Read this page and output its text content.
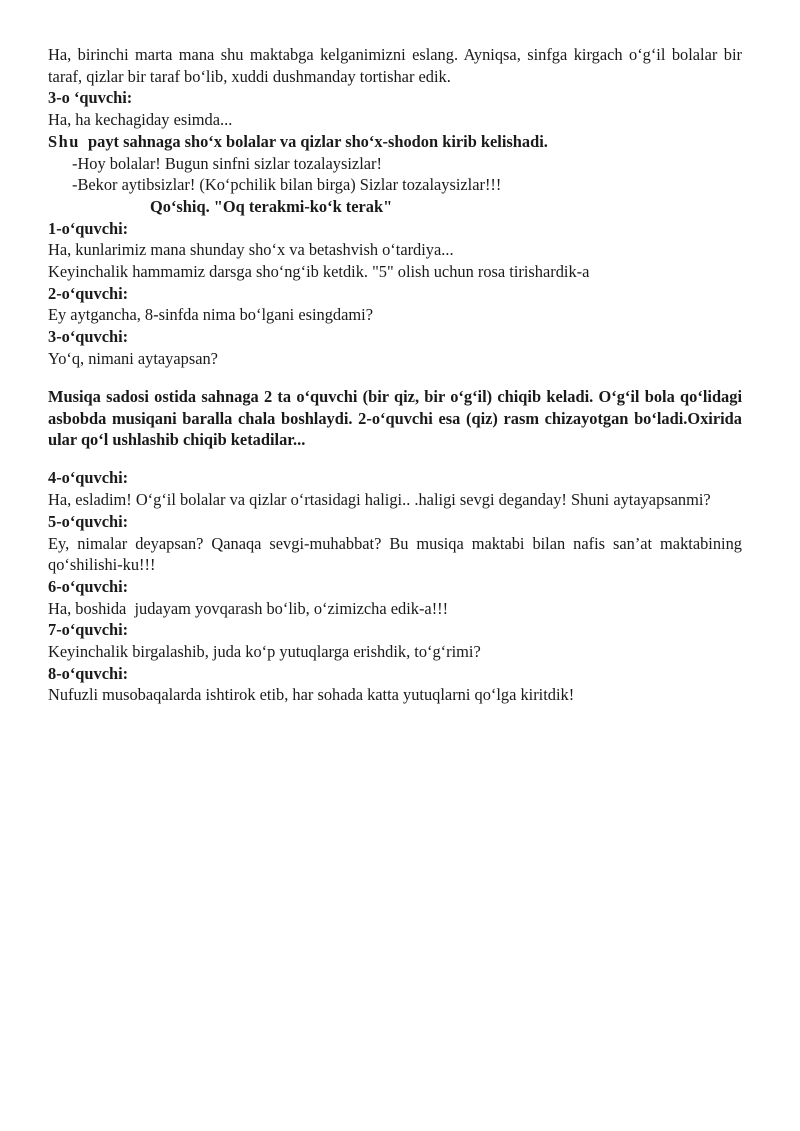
Ha, birinchi marta mana shu maktabga kelganimizni eslang. Ayniqsa, sinfga kirgach o‘g‘il bolalar bir taraf, qizlar bir taraf bo‘lib, xuddi dushmanday tortishar edik.

3-o ‘quvchi:

Ha, ha kechagiday esimda...

Shu  payt sahnaga sho‘x bolalar va qizlar sho‘x-shodon kirib kelishadi.

-Hoy bolalar! Bugun sinfni sizlar tozalaysizlar!

-Bekor aytibsizlar! (Ko‘pchilik bilan birga) Sizlar tozalaysizlar!!!

Qo‘shiq. "Oq terakmi-ko‘k terak"

1-o‘quvchi:

Ha, kunlarimiz mana shunday sho‘x va betashvish o‘tardiya...

Keyinchalik hammamiz darsga sho‘ng‘ib ketdik. "5" olish uchun rosa tirishardik-a

2-o‘quvchi:

Ey aytgancha, 8-sinfda nima bo‘lgani esingdami?

3-o‘quvchi:

Yo‘q, nimani aytayapsan?

Musiqa sadosi ostida sahnaga 2 ta o‘quvchi (bir qiz, bir o‘g‘il) chiqib keladi. O‘g‘il bola qo‘lidagi asbobda musiqani baralla chala boshlaydi. 2-o‘quvchi esa (qiz) rasm chizayotgan bo‘ladi.Oxirida ular qo‘l ushlashib chiqib ketadilar...

4-o‘quvchi:

Ha, esladim! O‘g‘il bolalar va qizlar o‘rtasidagi haligi.. .haligi sevgi deganday! Shuni aytayapsanmi?

5-o‘quvchi:

Ey, nimalar deyapsan? Qanaqa sevgi-muhabbat? Bu musiqa maktabi bilan nafis san’at maktabining qo‘shilishi-ku!!!

6-o‘quvchi:

Ha, boshida  judayam yovqarash bo‘lib, o‘zimizcha edik-a!!!

7-o‘quvchi:

Keyinchalik birgalashib, juda ko‘p yutuqlarga erishdik, to‘g‘rimi?

8-o‘quvchi:

Nufuzli musobaqalarda ishtirok etib, har sohada katta yutuqlarni qo‘lga kiritdik!
